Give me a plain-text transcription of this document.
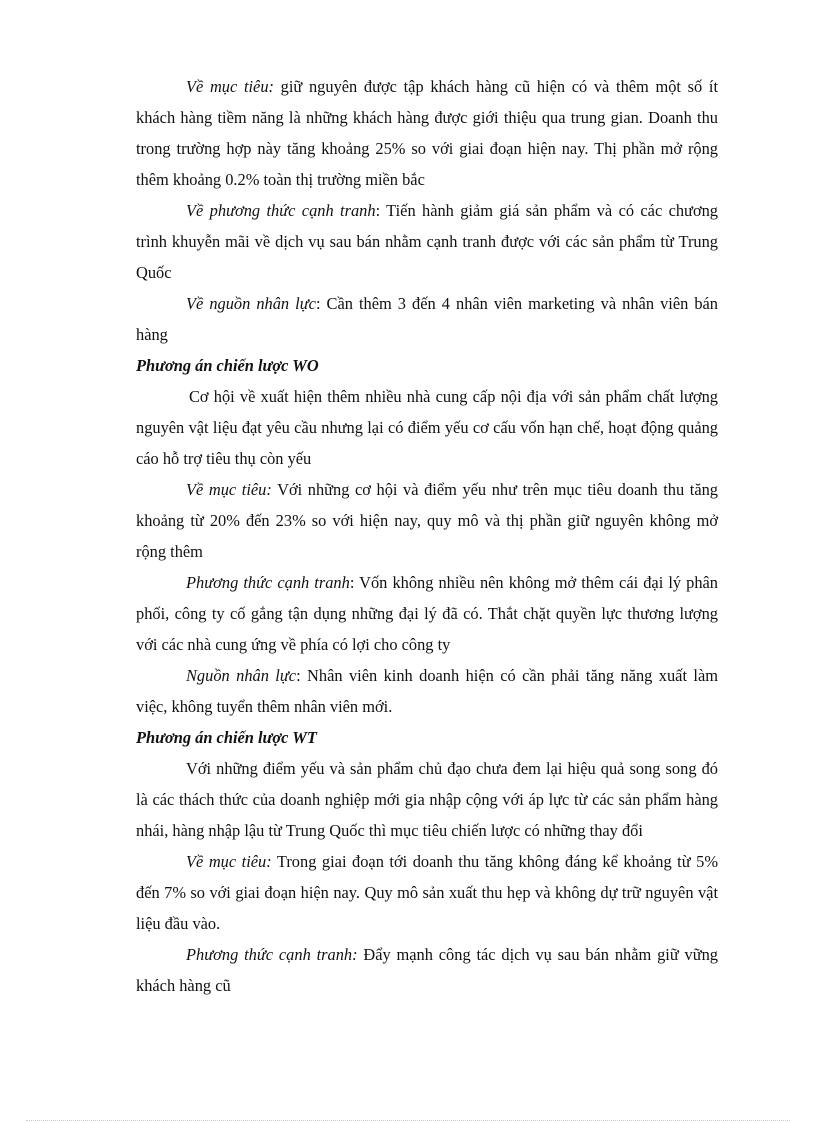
Về mục tiêu: giữ nguyên được tập khách hàng cũ hiện có và thêm một số ít khách hàng tiềm năng là những khách hàng được giới thiệu qua trung gian. Doanh thu trong trường hợp này tăng khoảng 25% so với giai đoạn hiện nay. Thị phần mở rộng thêm khoảng 0.2% toàn thị trường miền bắc

Về phương thức cạnh tranh: Tiến hành giảm giá sản phẩm và có các chương trình khuyễn mãi về dịch vụ sau bán nhằm cạnh tranh được với các sản phẩm từ Trung Quốc

Về nguồn nhân lực: Cần thêm 3 đến 4 nhân viên marketing và nhân viên bán hàng

Phương án chiến lược WO

Cơ hội về xuất hiện thêm nhiều nhà cung cấp nội địa với sản phẩm chất lượng nguyên vật liệu đạt yêu cầu nhưng lại có điểm yếu cơ cấu vốn hạn chế, hoạt động quảng cáo hỗ trợ tiêu thụ còn yếu

Về mục tiêu: Với những cơ hội và điểm yếu như trên mục tiêu doanh thu tăng khoảng từ 20% đến 23% so với hiện nay, quy mô và thị phần giữ nguyên không mở rộng thêm

Phương thức cạnh tranh: Vốn không nhiều nên không mở thêm cái đại lý phân phối, công ty cố gắng tận dụng những đại lý đã có. Thắt chặt quyền lực thương lượng với các nhà cung ứng về phía có lợi cho công ty

Nguồn nhân lực: Nhân viên kinh doanh hiện có cần phải tăng năng xuất làm việc, không tuyển thêm nhân viên mới.

Phương án chiến lược WT

Với những điểm yếu và sản phẩm chủ đạo chưa đem lại hiệu quả song song đó là các thách thức của doanh nghiệp mới gia nhập cộng với áp lực từ các sản phẩm hàng nhái, hàng nhập lậu từ Trung Quốc thì mục tiêu chiến lược có những thay đổi

Về mục tiêu: Trong giai đoạn tới doanh thu tăng không đáng kể khoảng từ 5% đến 7% so với giai đoạn hiện nay. Quy mô sản xuất thu hẹp và không dự trữ nguyên vật liệu đầu vào.

Phương thức cạnh tranh: Đẩy mạnh công tác dịch vụ sau bán nhằm giữ vững khách hàng cũ
